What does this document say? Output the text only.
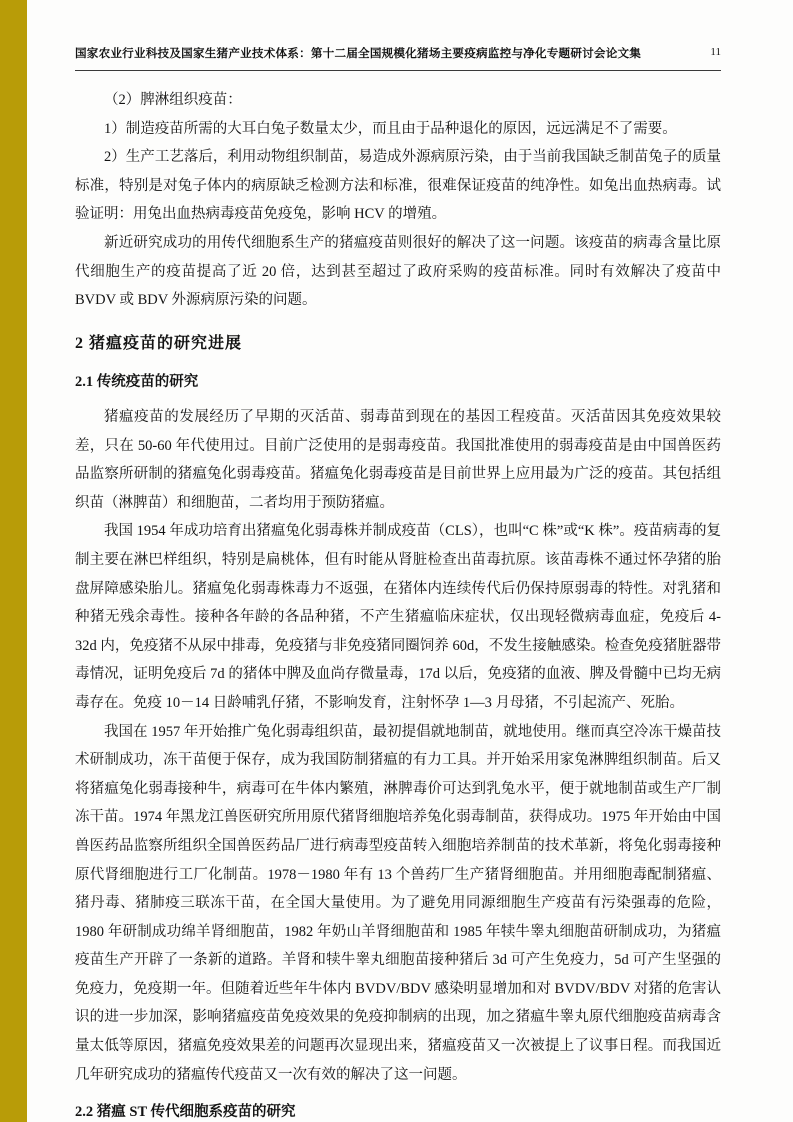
国家农业行业科技及国家生猪产业技术体系：第十二届全国规模化猪场主要疫病监控与净化专题研讨会论文集	11

（2）脾淋组织疫苗：

1）制造疫苗所需的大耳白兔子数量太少，而且由于品种退化的原因，远远满足不了需要。

2）生产工艺落后，利用动物组织制苗，易造成外源病原污染，由于当前我国缺乏制苗兔子的质量标准，特别是对兔子体内的病原缺乏检测方法和标准，很难保证疫苗的纯净性。如兔出血热病毒。试验证明：用兔出血热病毒疫苗免疫兔，影响 HCV 的增殖。

新近研究成功的用传代细胞系生产的猪瘟疫苗则很好的解决了这一问题。该疫苗的病毒含量比原代细胞生产的疫苗提高了近 20 倍，达到甚至超过了政府采购的疫苗标准。同时有效解决了疫苗中 BVDV 或 BDV 外源病原污染的问题。

2 猪瘟疫苗的研究进展
2.1 传统疫苗的研究

猪瘟疫苗的发展经历了早期的灭活苗、弱毒苗到现在的基因工程疫苗。灭活苗因其免疫效果较差，只在 50-60 年代使用过。目前广泛使用的是弱毒疫苗。我国批准使用的弱毒疫苗是由中国兽医药品监察所研制的猪瘟兔化弱毒疫苗。猪瘟兔化弱毒疫苗是目前世界上应用最为广泛的疫苗。其包括组织苗（淋脾苗）和细胞苗，二者均用于预防猪瘟。

我国 1954 年成功培育出猪瘟兔化弱毒株并制成疫苗（CLS），也叫“C 株”或“K 株”。疫苗病毒的复制主要在淋巴样组织，特别是扁桃体，但有时能从肾脏检查出苗毒抗原。该苗毒株不通过怀孕猪的胎盘屏障感染胎儿。猪瘟兔化弱毒株毒力不返强，在猪体内连续传代后仍保持原弱毒的特性。对乳猪和种猪无残余毒性。接种各年龄的各品种猪，不产生猪瘟临床症状，仅出现轻微病毒血症，免疫后 4-32d 内，免疫猪不从尿中排毒，免疫猪与非免疫猪同圈饲养 60d，不发生接触感染。检查免疫猪脏器带毒情况，证明免疫后 7d 的猪体中脾及血尚存微量毒，17d 以后，免疫猪的血液、脾及骨髓中已均无病毒存在。免疫 10－14 日龄哺乳仔猪，不影响发育，注射怀孕 1—3 月母猪，不引起流产、死胎。

我国在 1957 年开始推广兔化弱毒组织苗，最初提倡就地制苗，就地使用。继而真空冷冻干燥苗技术研制成功，冻干苗便于保存，成为我国防制猪瘟的有力工具。并开始采用家兔淋脾组织制苗。后又将猪瘟兔化弱毒接种牛，病毒可在牛体内繁殖，淋脾毒价可达到乳兔水平，便于就地制苗或生产厂制冻干苗。1974 年黑龙江兽医研究所用原代猪肾细胞培养兔化弱毒制苗，获得成功。1975 年开始由中国兽医药品监察所组织全国兽医药品厂进行病毒型疫苗转入细胞培养制苗的技术革新，将兔化弱毒接种原代肾细胞进行工厂化制苗。1978－1980 年有 13 个兽药厂生产猪肾细胞苗。并用细胞毒配制猪瘟、猪丹毒、猪肺疫三联冻干苗，在全国大量使用。为了避免用同源细胞生产疫苗有污染强毒的危险，1980 年研制成功绵羊肾细胞苗，1982 年奶山羊肾细胞苗和 1985 年犊牛睾丸细胞苗研制成功，为猪瘟疫苗生产开辟了一条新的道路。羊肾和犊牛睾丸细胞苗接种猪后 3d 可产生免疫力，5d 可产生坚强的免疫力，免疫期一年。但随着近些年牛体内 BVDV/BDV 感染明显增加和对 BVDV/BDV 对猪的危害认识的进一步加深，影响猪瘟疫苗免疫效果的免疫抑制病的出现，加之猪瘟牛睾丸原代细胞疫苗病毒含量太低等原因，猪瘟免疫效果差的问题再次显现出来，猪瘟疫苗又一次被提上了议事日程。而我国近几年研究成功的猪瘟传代疫苗又一次有效的解决了这一问题。

2.2 猪瘟 ST 传代细胞系疫苗的研究
